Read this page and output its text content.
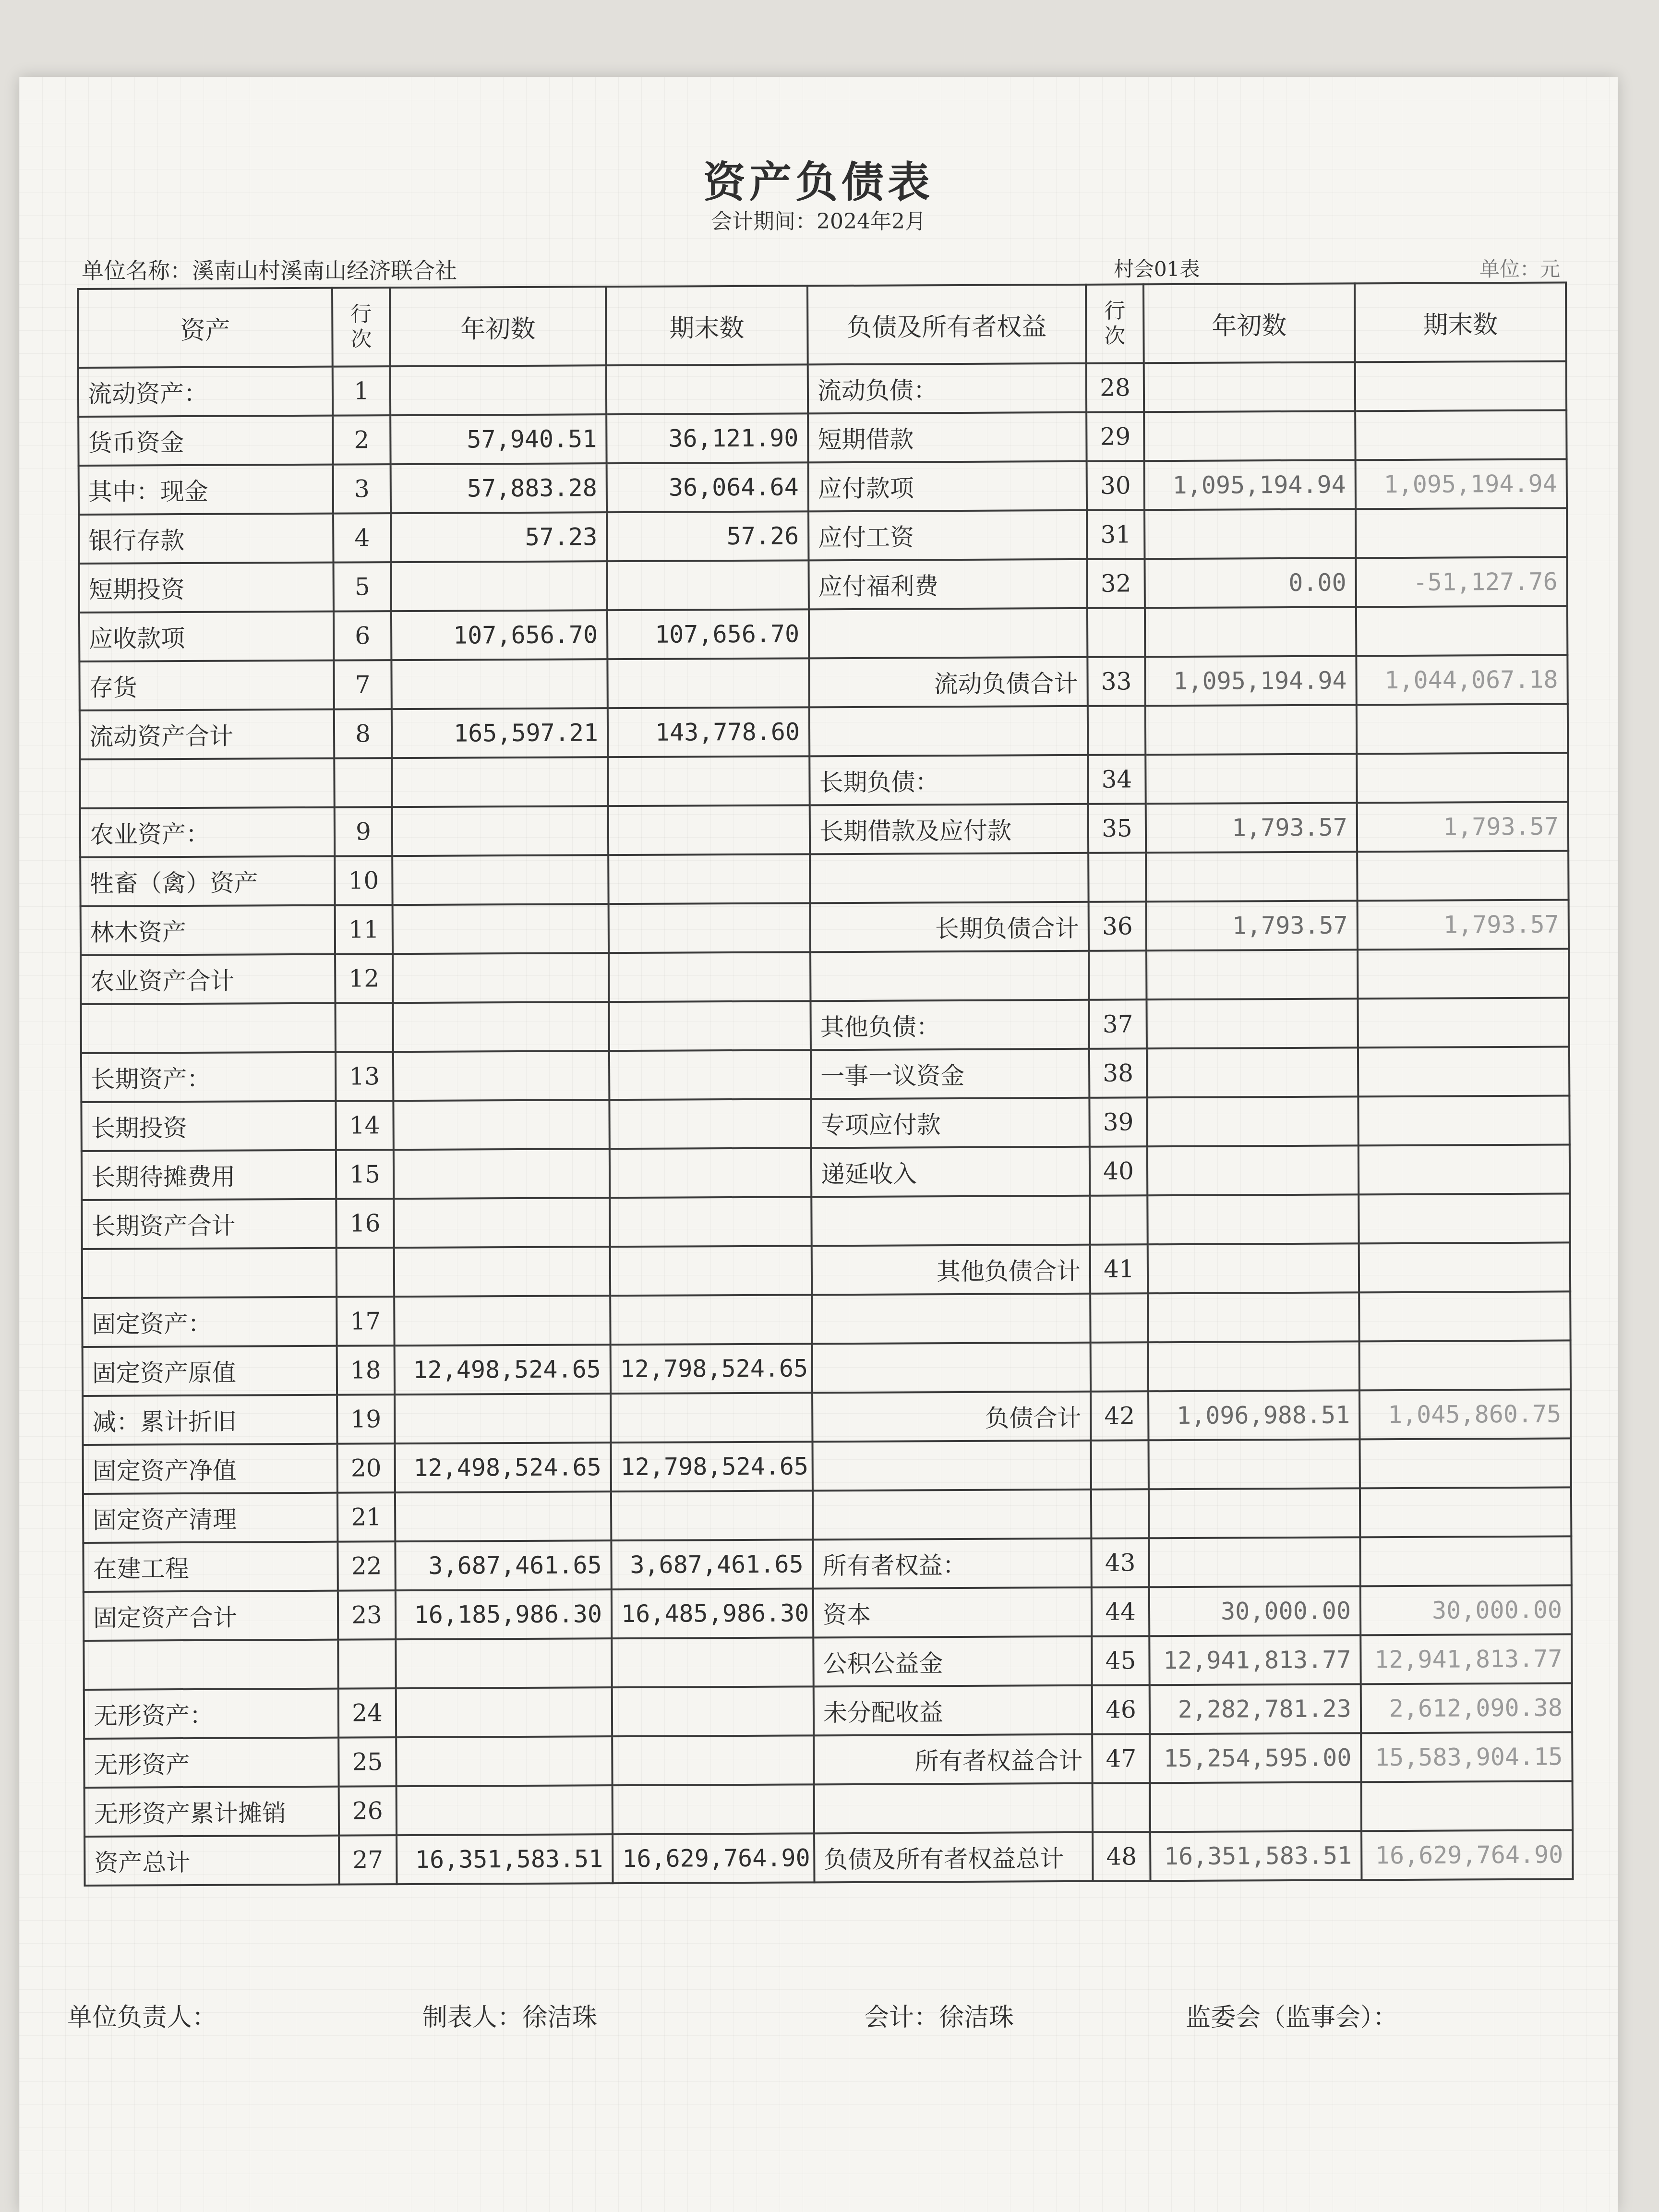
资产负债表
会计期间：2024年2月
单位名称：溪南山村溪南山经济联合社	村会01表	单位：元
资产	行次	年初数	期末数	负债及所有者权益	行次	年初数	期末数
流动资产：	1			流动负债：	28		
货币资金	2	57,940.51	36,121.90	短期借款	29		
其中：现金	3	57,883.28	36,064.64	应付款项	30	1,095,194.94	1,095,194.94
银行存款	4	57.23	57.26	应付工资	31		
短期投资	5			应付福利费	32	0.00	-51,127.76
应收款项	6	107,656.70	107,656.70				
存货	7			流动负债合计	33	1,095,194.94	1,044,067.18
流动资产合计	8	165,597.21	143,778.60				
				长期负债：	34		
农业资产：	9			长期借款及应付款	35	1,793.57	1,793.57
牲畜（禽）资产	10						
林木资产	11			长期负债合计	36	1,793.57	1,793.57
农业资产合计	12						
				其他负债：	37		
长期资产：	13			一事一议资金	38		
长期投资	14			专项应付款	39		
长期待摊费用	15			递延收入	40		
长期资产合计	16						
				其他负债合计	41		
固定资产：	17						
固定资产原值	18	12,498,524.65	12,798,524.65				
减：累计折旧	19			负债合计	42	1,096,988.51	1,045,860.75
固定资产净值	20	12,498,524.65	12,798,524.65				
固定资产清理	21						
在建工程	22	3,687,461.65	3,687,461.65	所有者权益：	43		
固定资产合计	23	16,185,986.30	16,485,986.30	资本	44	30,000.00	30,000.00
				公积公益金	45	12,941,813.77	12,941,813.77
无形资产：	24			未分配收益	46	2,282,781.23	2,612,090.38
无形资产	25			所有者权益合计	47	15,254,595.00	15,583,904.15
无形资产累计摊销	26						
资产总计	27	16,351,583.51	16,629,764.90	负债及所有者权益总计	48	16,351,583.51	16,629,764.90
单位负责人：	制表人：徐洁珠	会计：徐洁珠	监委会（监事会）：
